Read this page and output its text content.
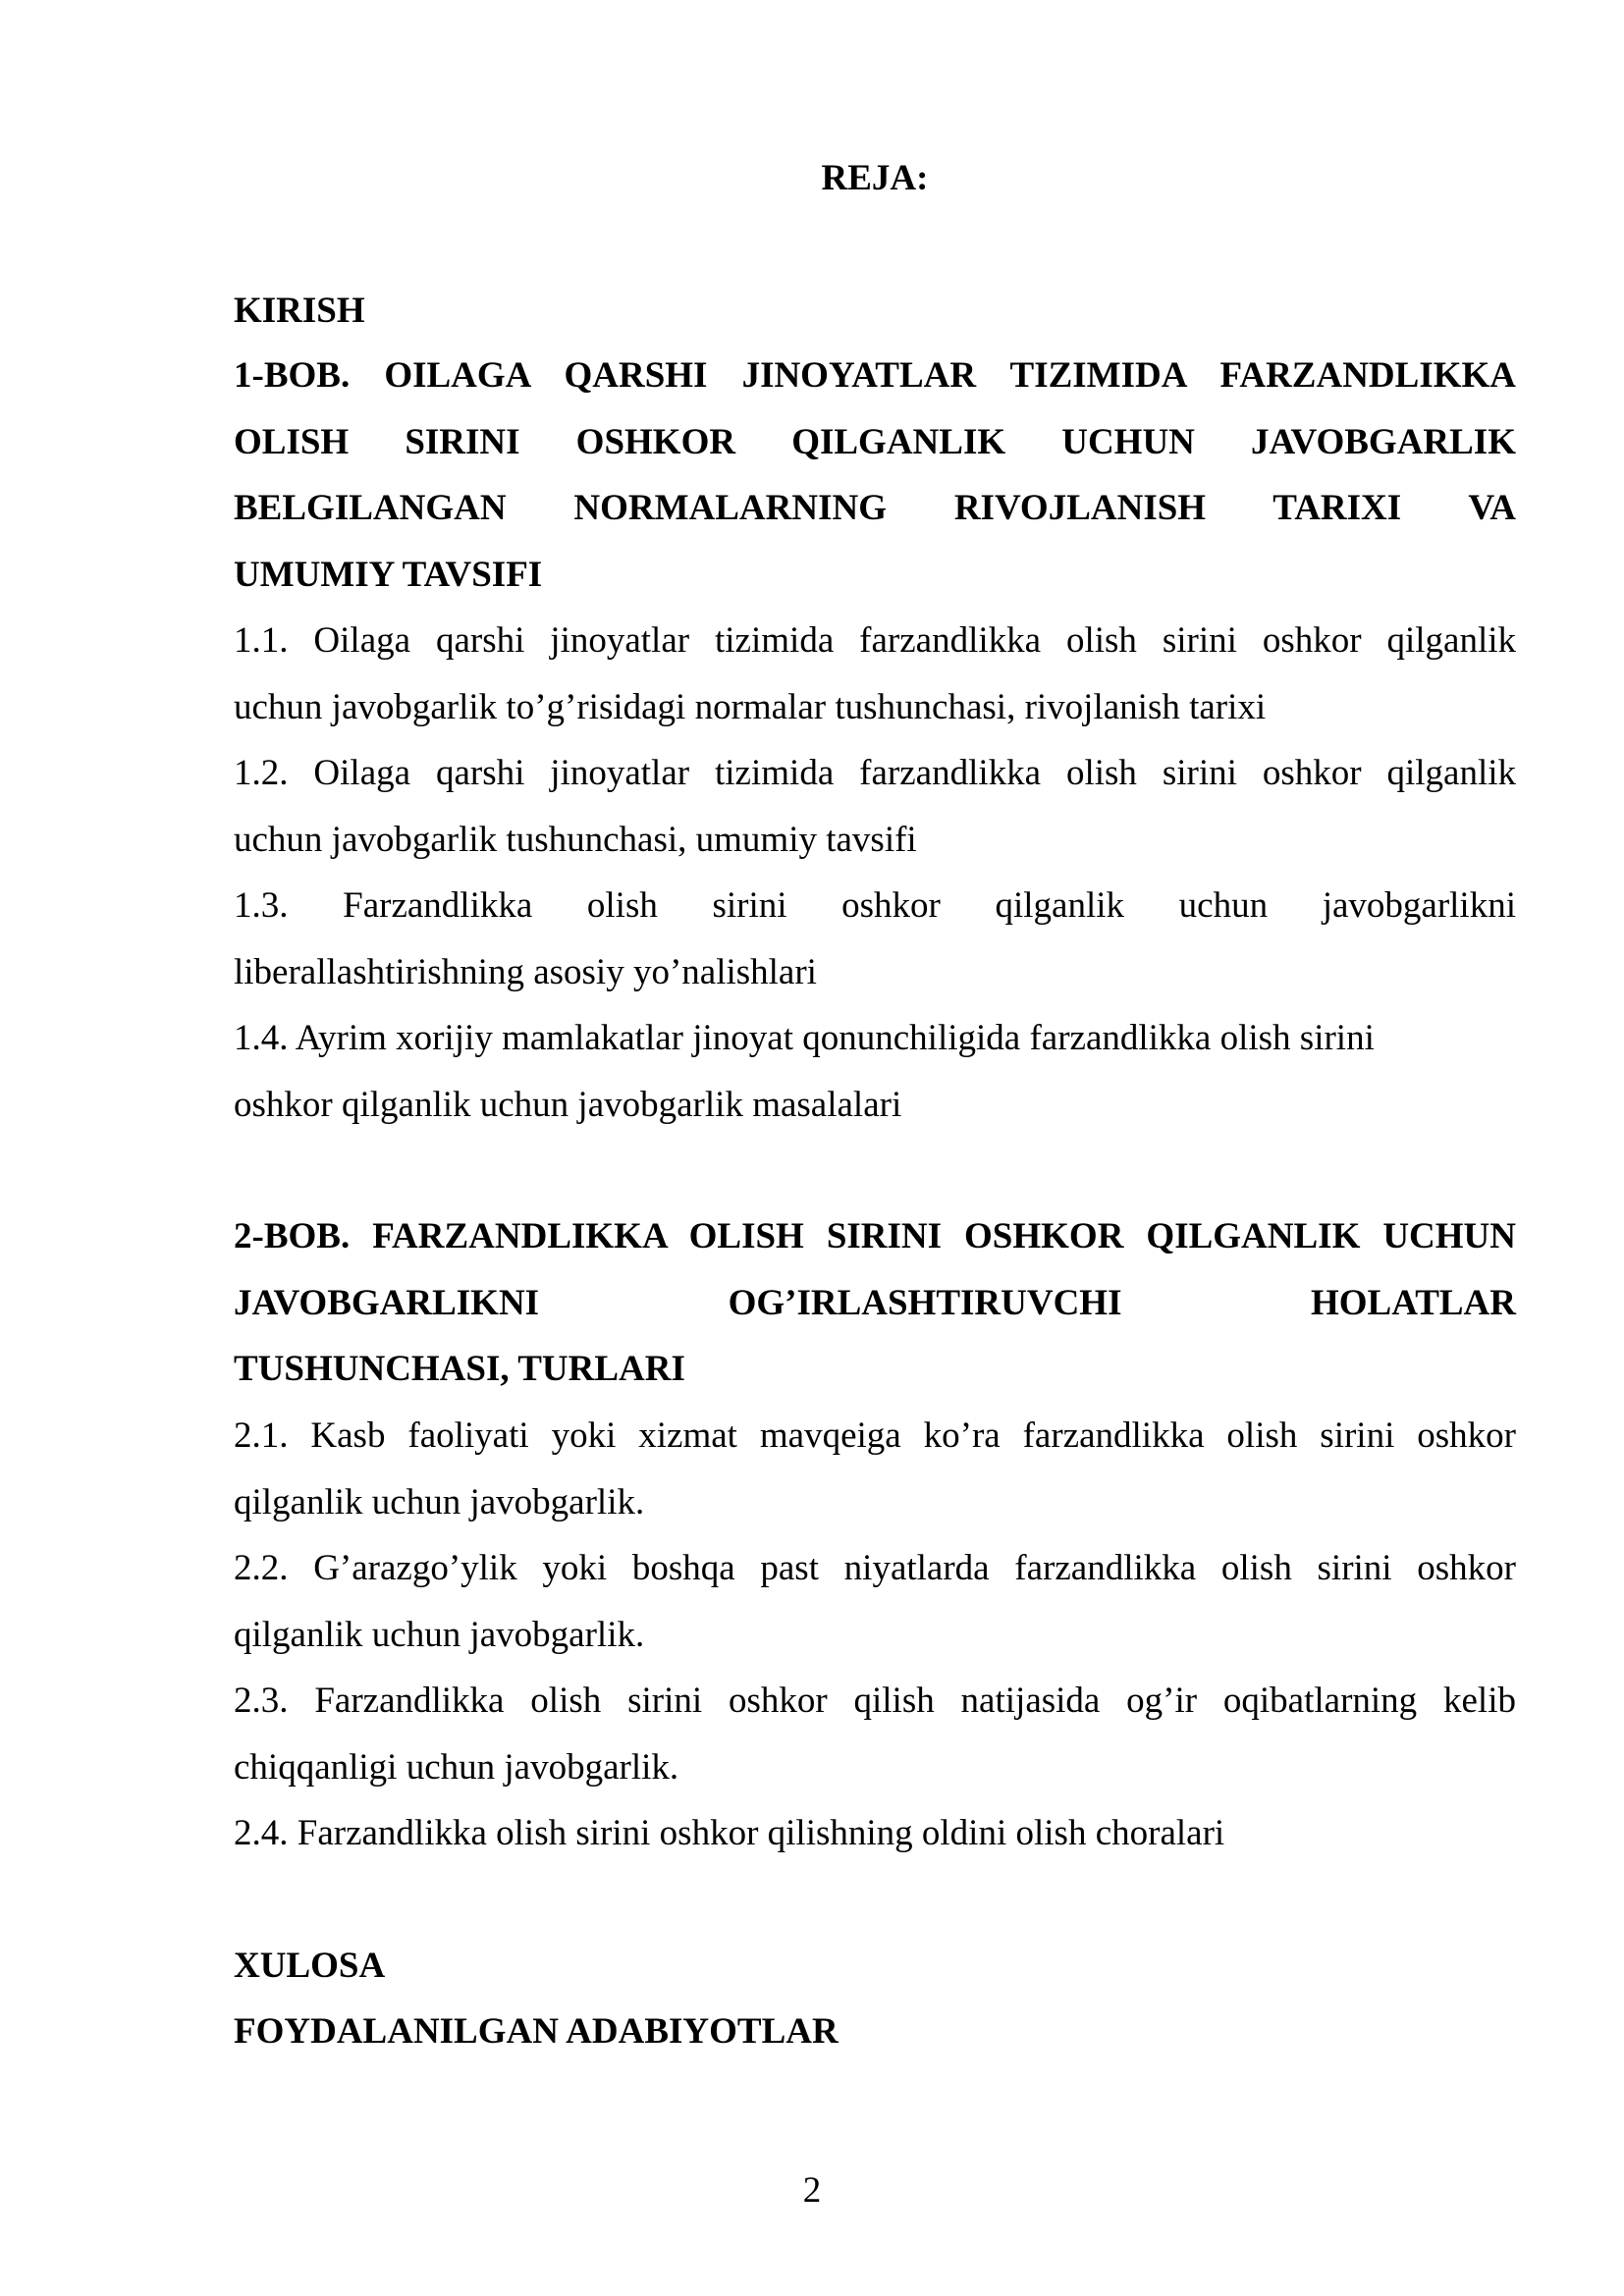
REJA:
KIRISH
1-BOB. OILAGA QARSHI JINOYATLAR TIZIMIDA FARZANDLIKKA
OLISH SIRINI OSHKOR QILGANLIK UCHUN JAVOBGARLIK
BELGILANGAN NORMALARNING RIVOJLANISH TARIXI VA
UMUMIY TAVSIFI
1.1. Oilaga qarshi jinoyatlar tizimida farzandlikka olish sirini oshkor qilganlik
uchun javobgarlik to’g’risidagi normalar tushunchasi, rivojlanish tarixi
1.2. Oilaga qarshi jinoyatlar tizimida farzandlikka olish sirini oshkor qilganlik
uchun javobgarlik tushunchasi, umumiy tavsifi
1.3. Farzandlikka olish sirini oshkor qilganlik uchun javobgarlikni
liberallashtirishning asosiy yo’nalishlari
1.4. Ayrim xorijiy mamlakatlar jinoyat qonunchiligida farzandlikka olish sirini
oshkor qilganlik uchun javobgarlik masalalari
2-BOB. FARZANDLIKKA OLISH SIRINI OSHKOR QILGANLIK UCHUN
JAVOBGARLIKNI OG’IRLASHTIRUVCHI HOLATLAR
TUSHUNCHASI, TURLARI
2.1. Kasb faoliyati yoki xizmat mavqeiga ko’ra farzandlikka olish sirini oshkor
qilganlik uchun javobgarlik.
2.2. G’arazgo’ylik yoki boshqa past niyatlarda farzandlikka olish sirini oshkor
qilganlik uchun javobgarlik.
2.3. Farzandlikka olish sirini oshkor qilish natijasida og’ir oqibatlarning kelib
chiqqanligi uchun javobgarlik.
2.4. Farzandlikka olish sirini oshkor qilishning oldini olish choralari
XULOSA
FOYDALANILGAN ADABIYOTLAR
2
